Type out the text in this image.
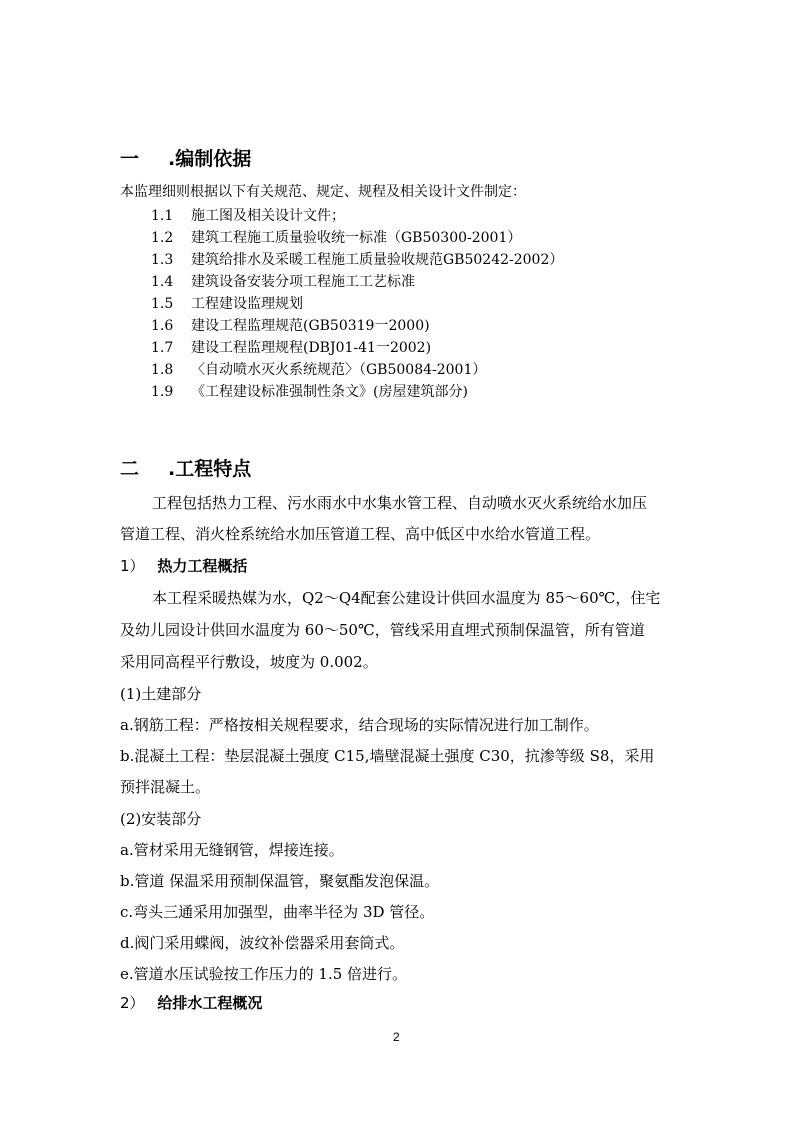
一 .编制依据
本监理细则根据以下有关规范、规定、规程及相关设计文件制定：
1.1 施工图及相关设计文件；
1.2 建筑工程施工质量验收统一标准（GB50300-2001）
1.3 建筑给排水及采暖工程施工质量验收规范GB50242-2002）
1.4 建筑设备安装分项工程施工工艺标准
1.5 工程建设监理规划
1.6 建设工程监理规范(GB50319一2000)
1.7 建设工程监理规程(DBJ01-41一2002)
1.8 〈自动喷水灭火系统规范〉（GB50084-2001）
1.9 《工程建设标准强制性条文》(房屋建筑部分)
二 .工程特点
工程包括热力工程、污水雨水中水集水管工程、自动喷水灭火系统给水加压
管道工程、消火栓系统给水加压管道工程、高中低区中水给水管道工程。
1） 热力工程概括
本工程采暖热媒为水，Q2～Q4配套公建设计供回水温度为 85～60℃，住宅
及幼儿园设计供回水温度为 60～50℃，管线采用直埋式预制保温管，所有管道
采用同高程平行敷设，坡度为 0.002。
(1)土建部分
a.钢筋工程：严格按相关规程要求，结合现场的实际情况进行加工制作。
b.混凝土工程：垫层混凝土强度 C15,墙壁混凝土强度 C30，抗渗等级 S8，采用
预拌混凝土。
(2)安装部分
a.管材采用无缝钢管，焊接连接。
b.管道 保温采用预制保温管，聚氨酯发泡保温。
c.弯头三通采用加强型，曲率半径为 3D 管径。
d.阀门采用蝶阀，波纹补偿器采用套筒式。
e.管道水压试验按工作压力的 1.5 倍进行。
2） 给排水工程概况
2
